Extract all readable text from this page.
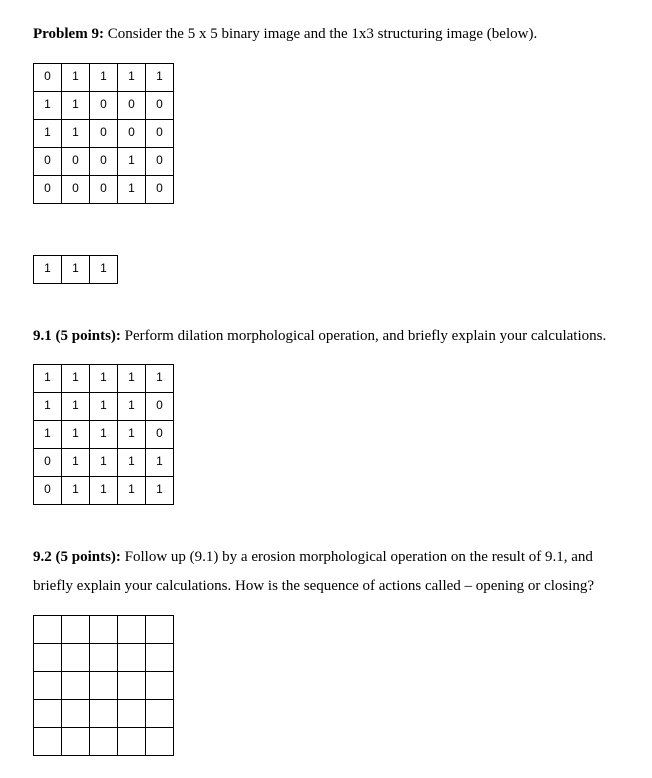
Problem 9: Consider the 5 x 5 binary image and the 1x3 structuring image (below).
0	1	1	1	1

1	1	0	0	0

1	1	0	0	0

0	0	0	1	0

0	0	0	1	0
1	1	1
9.1 (5 points): Perform dilation morphological operation, and briefly explain your calculations.
1	1	1	1	1

1	1	1	1	0

1	1	1	1	0

0	1	1	1	1

0	1	1	1	1
9.2 (5 points): Follow up (9.1) by a erosion morphological operation on the result of 9.1, and
briefly explain your calculations. How is the sequence of actions called – opening or closing?
